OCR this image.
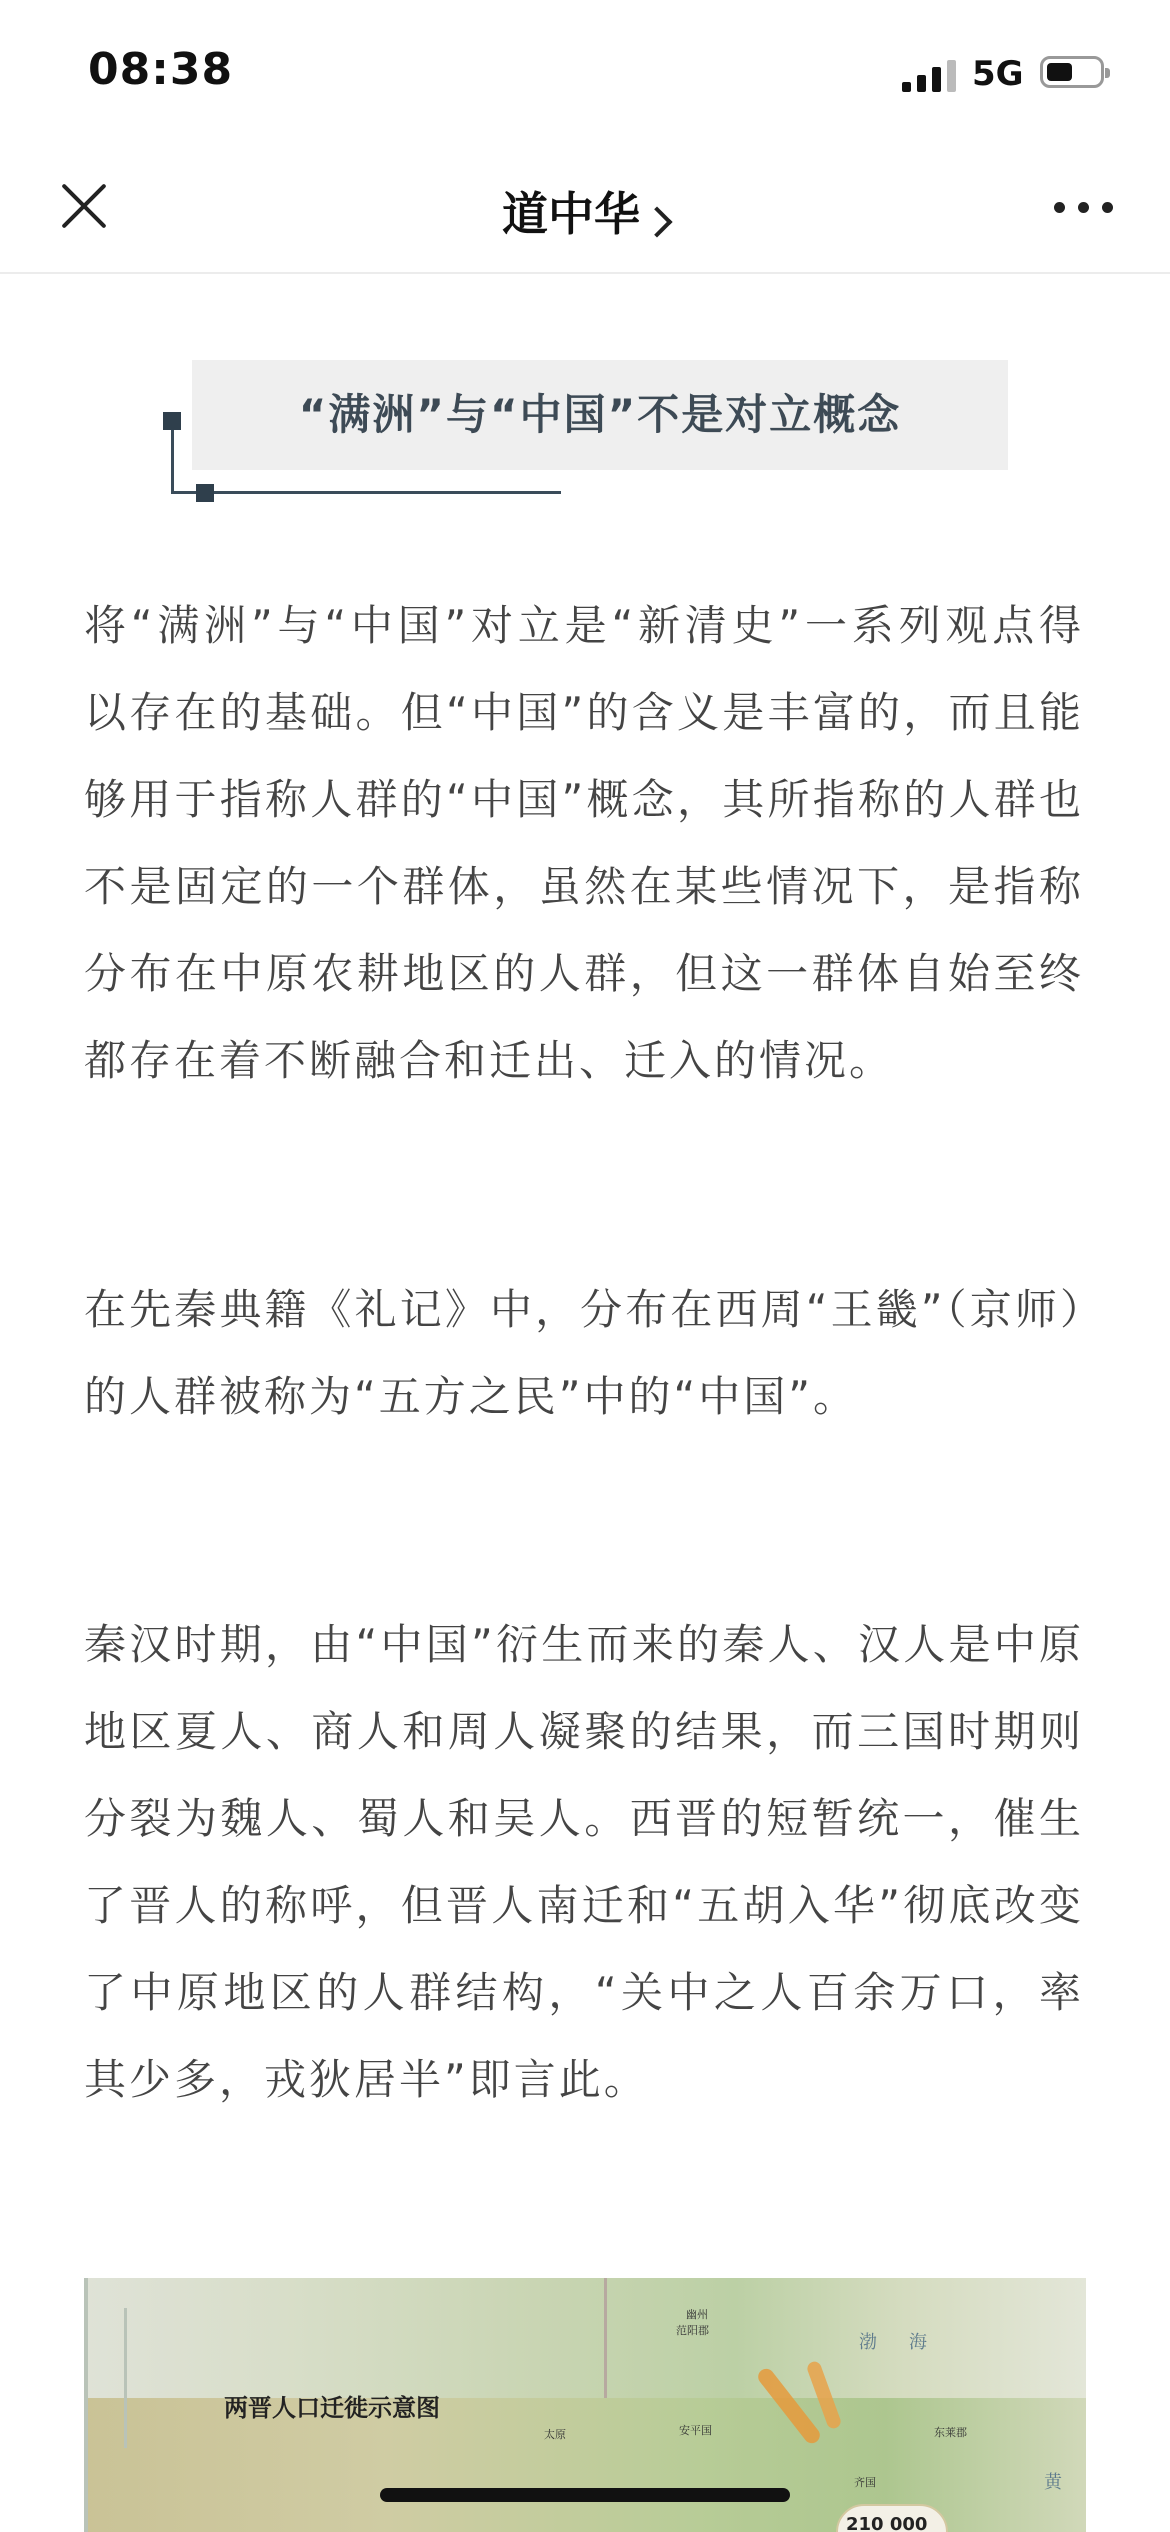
08:38	5G
道中华
“满洲”与“中国”不是对立概念

将“满洲”与“中国”对立是“新清史”一系列观点得以存在的基础。但“中国”的含义是丰富的，而且能够用于指称人群的“中国”概念，其所指称的人群也不是固定的一个群体，虽然在某些情况下，是指称分布在中原农耕地区的人群，但这一群体自始至终都存在着不断融合和迁出、迁入的情况。

在先秦典籍《礼记》中，分布在西周“王畿”（京师）的人群被称为“五方之民”中的“中国”。

秦汉时期，由“中国”衍生而来的秦人、汉人是中原地区夏人、商人和周人凝聚的结果，而三国时期则分裂为魏人、蜀人和吴人。西晋的短暂统一，催生了晋人的称呼，但晋人南迁和“五胡入华”彻底改变了中原地区的人群结构，“关中之人百余万口，率其少多，戎狄居半”即言此。

两晋人口迁徙示意图
幽州
范阳郡
太原	安平国
齐国
东莱郡
渤 海
黄
210 000
